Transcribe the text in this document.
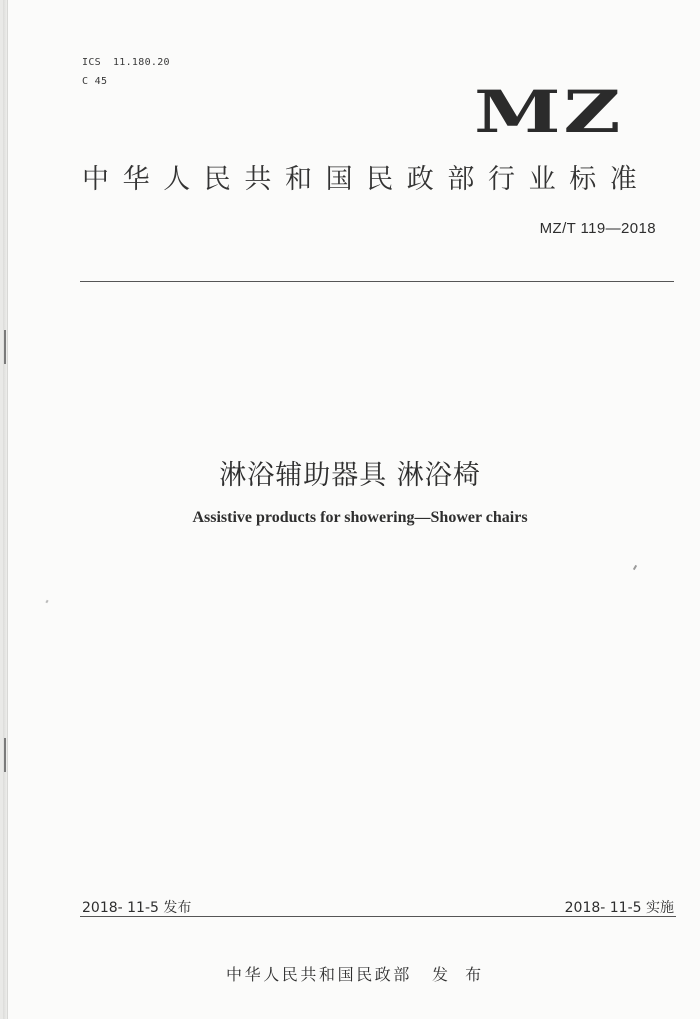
ICS 11.180.20
C 45	MZ
中华人民共和国民政部行业标准
MZ/T 119—2018
淋浴辅助器具 淋浴椅
Assistive products for showering—Shower chairs
2018- 11-5 发布	2018- 11-5 实施
中华人民共和国民政部 发 布
